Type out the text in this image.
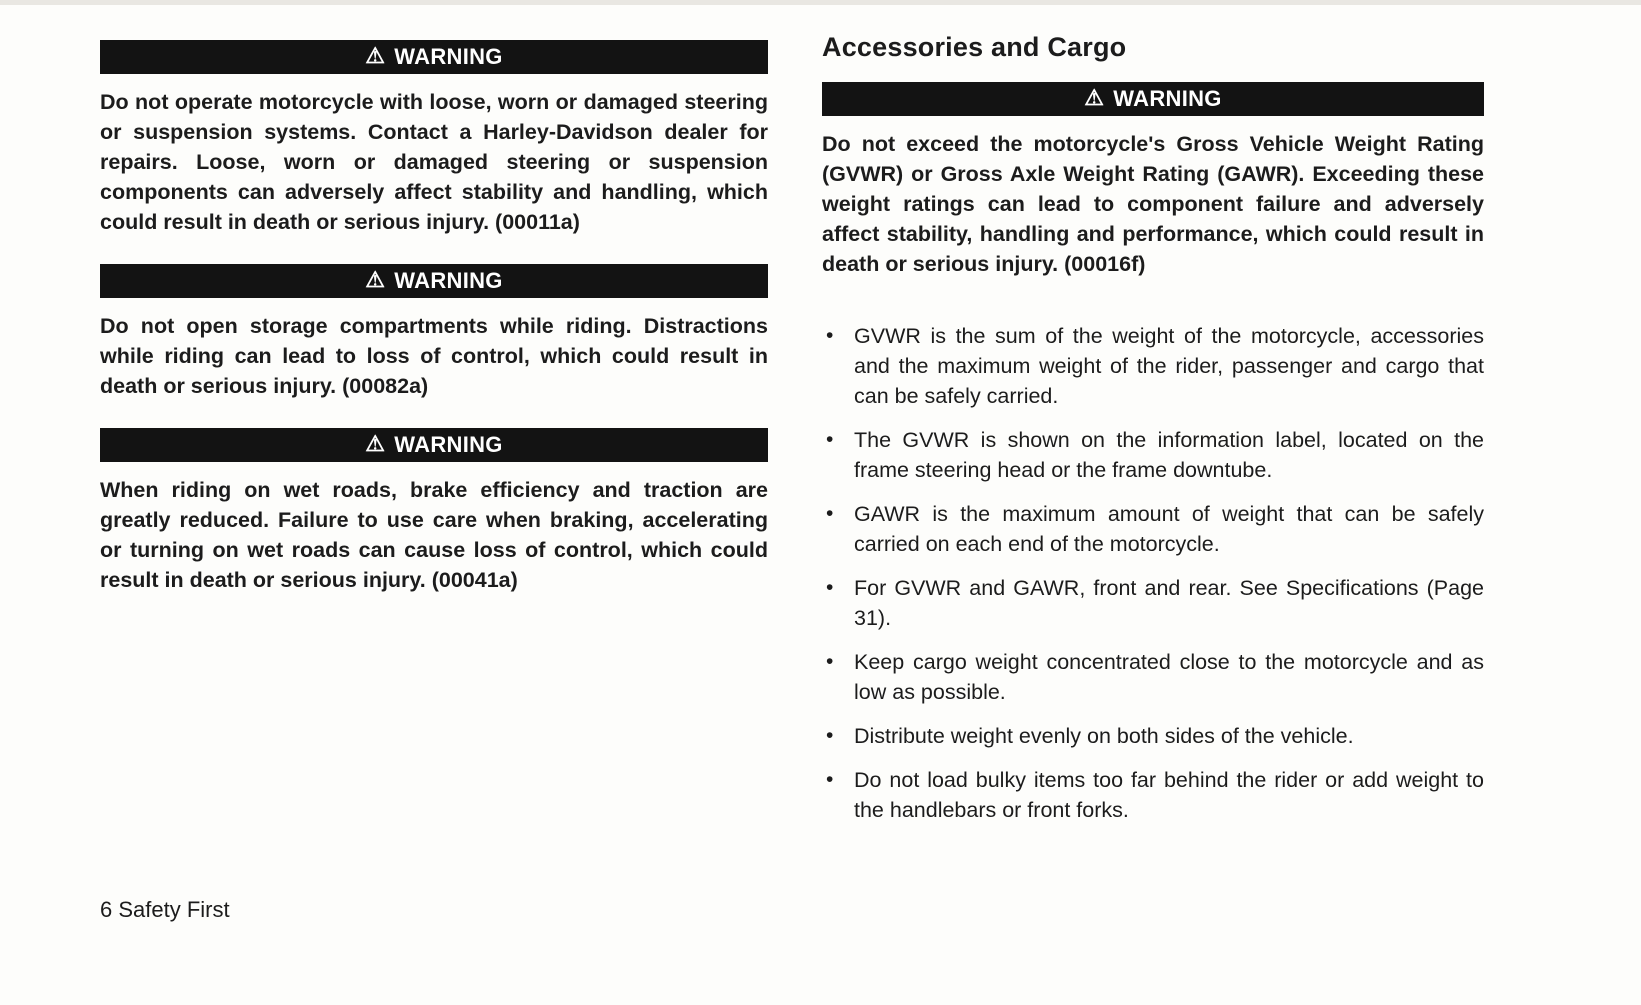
⚠ WARNING

Do not operate motorcycle with loose, worn or damaged steering or suspension systems. Contact a Harley-Davidson dealer for repairs. Loose, worn or damaged steering or suspension components can adversely affect stability and handling, which could result in death or serious injury. (00011a)

⚠ WARNING

Do not open storage compartments while riding. Distractions while riding can lead to loss of control, which could result in death or serious injury. (00082a)

⚠ WARNING

When riding on wet roads, brake efficiency and traction are greatly reduced. Failure to use care when braking, accelerating or turning on wet roads can cause loss of control, which could result in death or serious injury. (00041a)

Accessories and Cargo
⚠ WARNING

Do not exceed the motorcycle's Gross Vehicle Weight Rating (GVWR) or Gross Axle Weight Rating (GAWR). Exceeding these weight ratings can lead to component failure and adversely affect stability, handling and performance, which could result in death or serious injury. (00016f)

• GVWR is the sum of the weight of the motorcycle, accessories and the maximum weight of the rider, passenger and cargo that can be safely carried.
• The GVWR is shown on the information label, located on the frame steering head or the frame downtube.
• GAWR is the maximum amount of weight that can be safely carried on each end of the motorcycle.
• For GVWR and GAWR, front and rear. See Specifications (Page 31).
• Keep cargo weight concentrated close to the motorcycle and as low as possible.
• Distribute weight evenly on both sides of the vehicle.
• Do not load bulky items too far behind the rider or add weight to the handlebars or front forks.
6 Safety First
